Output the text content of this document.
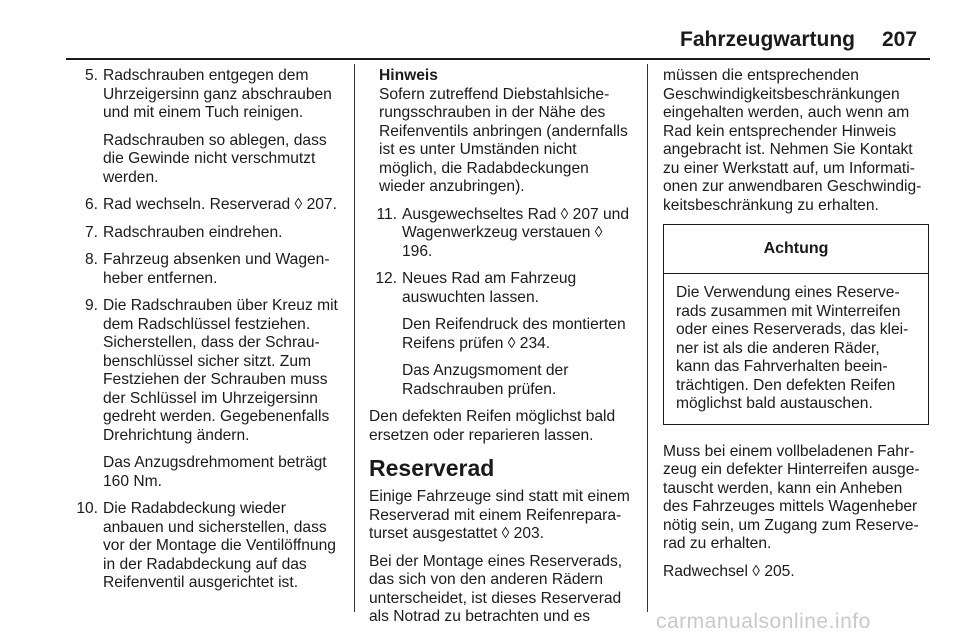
Fahrzeugwartung 207
5. Radschrauben entgegen dem Uhrzeigersinn ganz abschrauben und mit einem Tuch reinigen.

Radschrauben so ablegen, dass die Gewinde nicht verschmutzt werden.

6. Rad wechseln. Reserverad ◊ 207.

7. Radschrauben eindrehen.

8. Fahrzeug absenken und Wagen- heber entfernen.

9. Die Radschrauben über Kreuz mit dem Radschlüssel festziehen. Sicherstellen, dass der Schrau- benschlüssel sicher sitzt. Zum Festziehen der Schrauben muss der Schlüssel im Uhrzeigersinn gedreht werden. Gegebenenfalls Drehrichtung ändern.

Das Anzugsdrehmoment beträgt 160 Nm.

10. Die Radabdeckung wieder anbauen und sicherstellen, dass vor der Montage die Ventilöffnung in der Radabdeckung auf das Reifenventil ausgerichtet ist.

Hinweis
Sofern zutreffend Diebstahlsiche- rungsschrauben in der Nähe des Reifenventils anbringen (andernfalls ist es unter Umständen nicht möglich, die Radabdeckungen wieder anzubringen).
11. Ausgewechseltes Rad ◊ 207 und Wagenwerkzeug verstauen ◊ 196.

12. Neues Rad am Fahrzeug auswuchten lassen.

Den Reifendruck des montierten Reifens prüfen ◊ 234.

Das Anzugsmoment der Radschrauben prüfen.

Den defekten Reifen möglichst bald ersetzen oder reparieren lassen.

Reserverad

Einige Fahrzeuge sind statt mit einem Reserverad mit einem Reifenrepara- turset ausgestattet ◊ 203.

Bei der Montage eines Reserverads, das sich von den anderen Rädern unterscheidet, ist dieses Reserverad als Notrad zu betrachten und es

müssen die entsprechenden Geschwindigkeitsbeschränkungen eingehalten werden, auch wenn am Rad kein entsprechender Hinweis angebracht ist. Nehmen Sie Kontakt zu einer Werkstatt auf, um Informati- onen zur anwendbaren Geschwindig- keitsbeschränkung zu erhalten.

Achtung
Die Verwendung eines Reserve- rads zusammen mit Winterreifen oder eines Reserverads, das klei- ner ist als die anderen Räder, kann das Fahrverhalten beein- trächtigen. Den defekten Reifen möglichst bald austauschen.

Muss bei einem vollbeladenen Fahr- zeug ein defekter Hinterreifen ausge- tauscht werden, kann ein Anheben des Fahrzeuges mittels Wagenheber nötig sein, um Zugang zum Reserve- rad zu erhalten.

Radwechsel ◊ 205.

carmanualsonline.info
